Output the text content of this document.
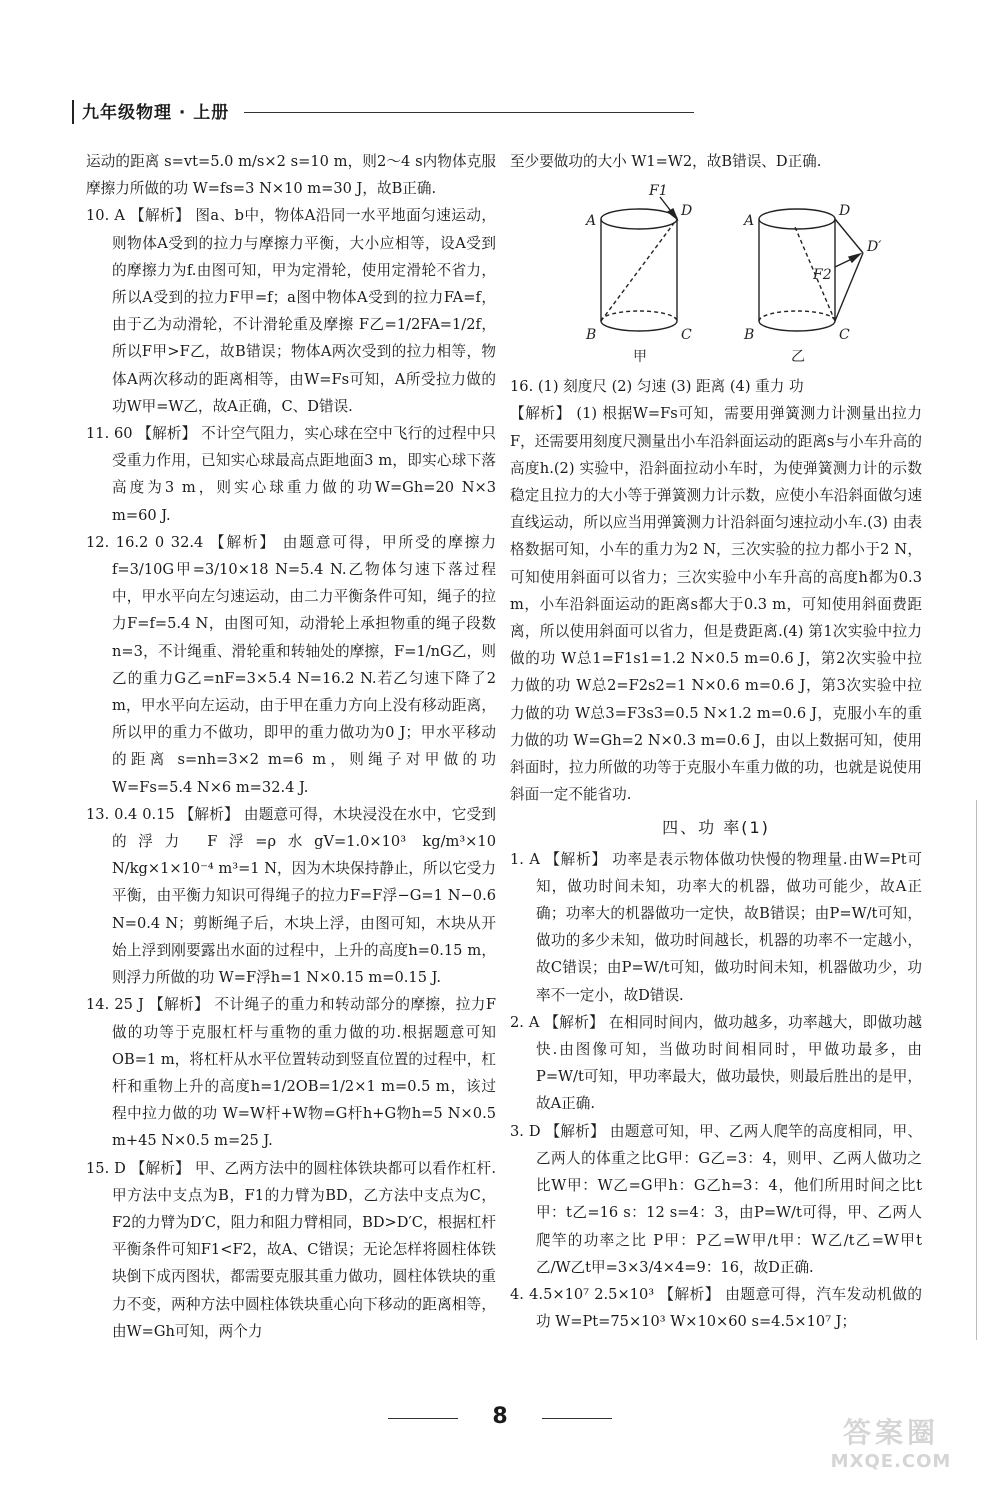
九年级物理 · 上册

运动的距离 s=vt=5.0 m/s×2 s=10 m，则2～4 s内物体克服摩擦力所做的功 W=fs=3 N×10 m=30 J，故B正确.

10. A 【解析】 图a、b中，物体A沿同一水平地面匀速运动，则物体A受到的拉力与摩擦力平衡，大小应相等，设A受到的摩擦力为f.由图可知，甲为定滑轮，使用定滑轮不省力，所以A受到的拉力F甲=f；a图中物体A受到的拉力FA=f，由于乙为动滑轮，不计滑轮重及摩擦 F乙=1/2FA=1/2f，所以F甲>F乙，故B错误；物体A两次受到的拉力相等，物体A两次移动的距离相等，由W=Fs可知，A所受拉力做的功W甲=W乙，故A正确，C、D错误.

11. 60 【解析】 不计空气阻力，实心球在空中飞行的过程中只受重力作用，已知实心球最高点距地面3 m，即实心球下落高度为3 m，则实心球重力做的功W=Gh=20 N×3 m=60 J.

12. 16.2 0 32.4 【解析】 由题意可得，甲所受的摩擦力 f=3/10G甲=3/10×18 N=5.4 N.乙物体匀速下落过程中，甲水平向左匀速运动，由二力平衡条件可知，绳子的拉力F=f=5.4 N，由图可知，动滑轮上承担物重的绳子段数n=3，不计绳重、滑轮重和转轴处的摩擦，F=1/nG乙，则乙的重力G乙=nF=3×5.4 N=16.2 N.若乙匀速下降了2 m，甲水平向左运动，由于甲在重力方向上没有移动距离，所以甲的重力不做功，即甲的重力做功为0 J；甲水平移动的距离 s=nh=3×2 m=6 m，则绳子对甲做的功 W=Fs=5.4 N×6 m=32.4 J.

13. 0.4 0.15 【解析】 由题意可得，木块浸没在水中，它受到的浮力 F浮=ρ水gV=1.0×10³ kg/m³×10 N/kg×1×10⁻⁴ m³=1 N，因为木块保持静止，所以它受力平衡，由平衡力知识可得绳子的拉力F=F浮−G=1 N−0.6 N=0.4 N；剪断绳子后，木块上浮，由图可知，木块从开始上浮到刚要露出水面的过程中，上升的高度h=0.15 m，则浮力所做的功 W=F浮h=1 N×0.15 m=0.15 J.

14. 25 J 【解析】 不计绳子的重力和转动部分的摩擦，拉力F做的功等于克服杠杆与重物的重力做的功.根据题意可知OB=1 m，将杠杆从水平位置转动到竖直位置的过程中，杠杆和重物上升的高度h=1/2OB=1/2×1 m=0.5 m，该过程中拉力做的功 W=W杆+W物=G杆h+G物h=5 N×0.5 m+45 N×0.5 m=25 J.

15. D 【解析】 甲、乙两方法中的圆柱体铁块都可以看作杠杆.甲方法中支点为B，F1的力臂为BD，乙方法中支点为C，F2的力臂为D′C，阻力和阻力臂相同，BD>D′C，根据杠杆平衡条件可知F1<F2，故A、C错误；无论怎样将圆柱体铁块倒下成丙图状，都需要克服其重力做功，圆柱体铁块的重力不变，两种方法中圆柱体铁块重心向下移动的距离相等，由W=Gh可知，两个力

至少要做功的大小 W1=W2，故B错误、D正确.

A
D
B	C
F1
A
D
D′
F2
B	C
甲	乙

16. (1) 刻度尺 (2) 匀速 (3) 距离 (4) 重力 功

【解析】 (1) 根据W=Fs可知，需要用弹簧测力计测量出拉力F，还需要用刻度尺测量出小车沿斜面运动的距离s与小车升高的高度h.(2) 实验中，沿斜面拉动小车时，为使弹簧测力计的示数稳定且拉力的大小等于弹簧测力计示数，应使小车沿斜面做匀速直线运动，所以应当用弹簧测力计沿斜面匀速拉动小车.(3) 由表格数据可知，小车的重力为2 N，三次实验的拉力都小于2 N，可知使用斜面可以省力；三次实验中小车升高的高度h都为0.3 m，小车沿斜面运动的距离s都大于0.3 m，可知使用斜面费距离，所以使用斜面可以省力，但是费距离.(4) 第1次实验中拉力做的功 W总1=F1s1=1.2 N×0.5 m=0.6 J，第2次实验中拉力做的功 W总2=F2s2=1 N×0.6 m=0.6 J，第3次实验中拉力做的功 W总3=F3s3=0.5 N×1.2 m=0.6 J，克服小车的重力做的功 W=Gh=2 N×0.3 m=0.6 J，由以上数据可知，使用斜面时，拉力所做的功等于克服小车重力做的功，也就是说使用斜面一定不能省功.

四、功 率(1)

1. A 【解析】 功率是表示物体做功快慢的物理量.由W=Pt可知，做功时间未知，功率大的机器，做功可能少，故A正确；功率大的机器做功一定快，故B错误；由P=W/t可知，做功的多少未知，做功时间越长，机器的功率不一定越小，故C错误；由P=W/t可知，做功时间未知，机器做功少，功率不一定小，故D错误.

2. A 【解析】 在相同时间内，做功越多，功率越大，即做功越快.由图像可知，当做功时间相同时，甲做功最多，由P=W/t可知，甲功率最大，做功最快，则最后胜出的是甲，故A正确.

3. D 【解析】 由题意可知，甲、乙两人爬竿的高度相同，甲、乙两人的体重之比G甲：G乙=3：4，则甲、乙两人做功之比W甲：W乙=G甲h：G乙h=3：4，他们所用时间之比t甲：t乙=16 s：12 s=4：3，由P=W/t可得，甲、乙两人爬竿的功率之比 P甲：P乙=W甲/t甲：W乙/t乙=W甲t乙/W乙t甲=3×3/4×4=9：16，故D正确.

4. 4.5×10⁷ 2.5×10³ 【解析】 由题意可得，汽车发动机做的功 W=Pt=75×10³ W×10×60 s=4.5×10⁷ J；

8	答案圈
MXQE.COM
